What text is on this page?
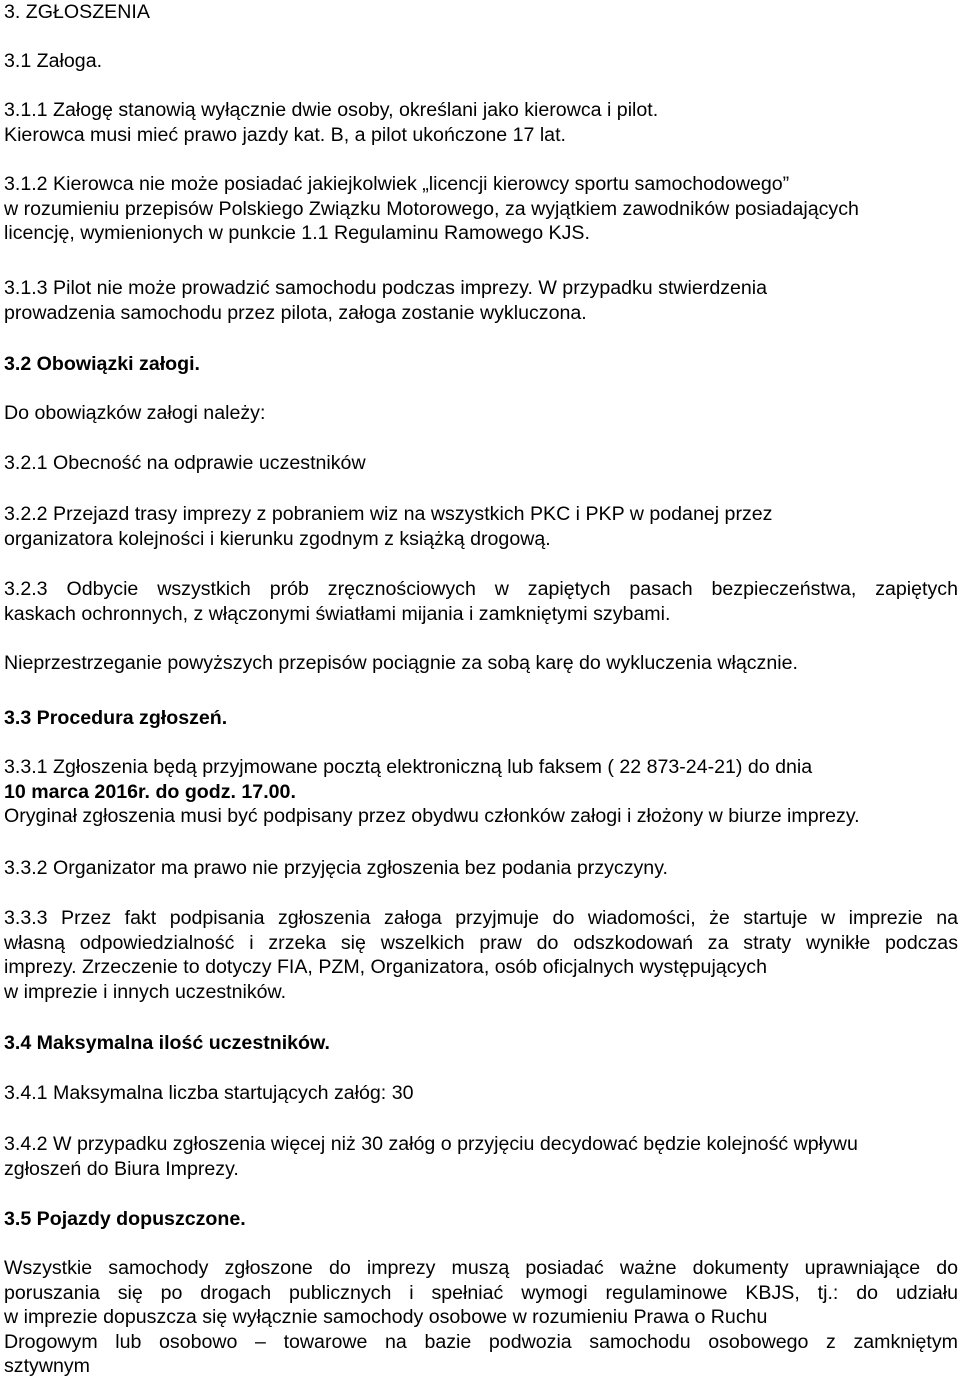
3. ZGŁOSZENIA
3.1 Załoga.
3.1.1 Załogę stanowią wyłącznie dwie osoby, określani jako kierowca i pilot.
Kierowca musi mieć prawo jazdy kat. B, a pilot ukończone 17 lat.
3.1.2 Kierowca nie może posiadać jakiejkolwiek „licencji kierowcy sportu samochodowego”
w rozumieniu przepisów Polskiego Związku Motorowego, za wyjątkiem zawodników posiadających
licencję, wymienionych w punkcie 1.1 Regulaminu Ramowego KJS.
3.1.3 Pilot nie może prowadzić samochodu podczas imprezy. W przypadku stwierdzenia
prowadzenia samochodu przez pilota, załoga zostanie wykluczona.
3.2 Obowiązki załogi.
Do obowiązków załogi należy:
3.2.1 Obecność na odprawie uczestników
3.2.2 Przejazd trasy imprezy z pobraniem wiz na wszystkich PKC i PKP w podanej przez
organizatora kolejności i kierunku zgodnym z książką drogową.
3.2.3 Odbycie wszystkich prób zręcznościowych w zapiętych pasach bezpieczeństwa, zapiętych
kaskach ochronnych, z włączonymi światłami mijania i zamkniętymi szybami.
Nieprzestrzeganie powyższych przepisów pociągnie za sobą karę do wykluczenia włącznie.
3.3 Procedura zgłoszeń.
3.3.1 Zgłoszenia będą przyjmowane pocztą elektroniczną lub faksem ( 22 873-24-21) do dnia
10 marca 2016r. do godz. 17.00.
Oryginał zgłoszenia musi być podpisany przez obydwu członków załogi i złożony w biurze imprezy.
3.3.2 Organizator ma prawo nie przyjęcia zgłoszenia bez podania przyczyny.
3.3.3 Przez fakt podpisania zgłoszenia załoga przyjmuje do wiadomości, że startuje w imprezie na
własną odpowiedzialność i zrzeka się wszelkich praw do odszkodowań za straty wynikłe podczas
imprezy. Zrzeczenie to dotyczy FIA, PZM, Organizatora, osób oficjalnych występujących
w imprezie i innych uczestników.
3.4 Maksymalna ilość uczestników.
3.4.1 Maksymalna liczba startujących załóg: 30
3.4.2 W przypadku zgłoszenia więcej niż 30 załóg o przyjęciu decydować będzie kolejność wpływu
zgłoszeń do Biura Imprezy.
3.5 Pojazdy dopuszczone.
Wszystkie samochody zgłoszone do imprezy muszą posiadać ważne dokumenty uprawniające do
poruszania się po drogach publicznych i spełniać wymogi regulaminowe KBJS, tj.: do udziału
w imprezie dopuszcza się wyłącznie samochody osobowe w rozumieniu Prawa o Ruchu
Drogowym lub osobowo – towarowe na bazie podwozia samochodu osobowego z zamkniętym
sztywnym
